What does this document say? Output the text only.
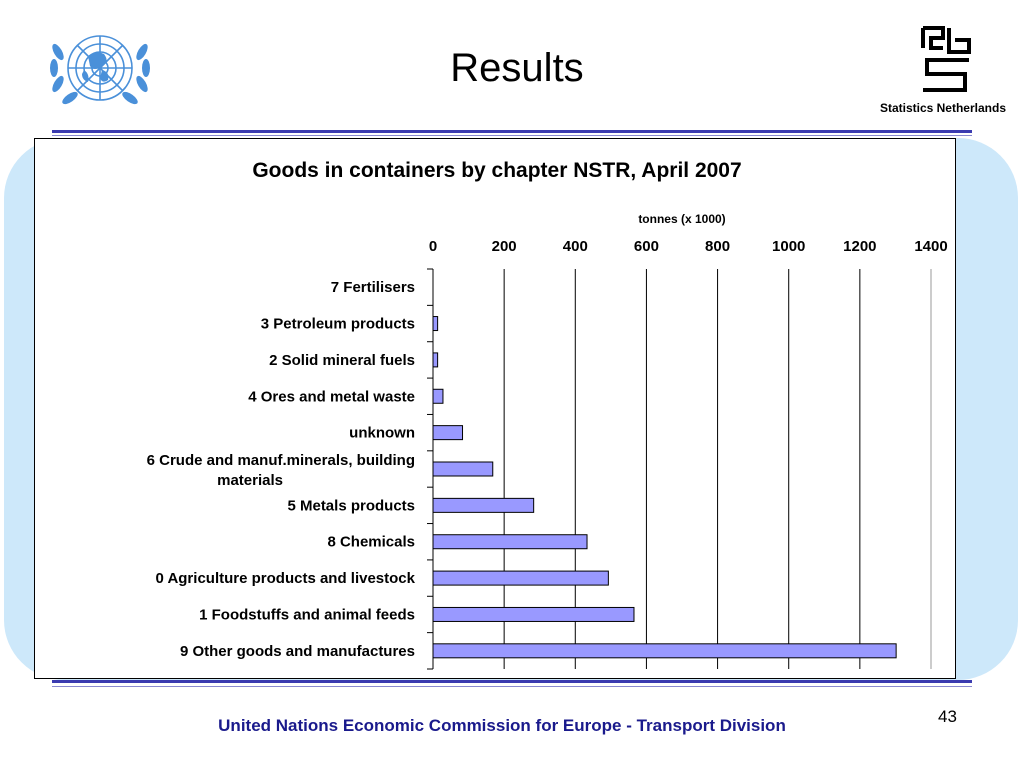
Results
Statistics Netherlands
Goods in containers by chapter NSTR, April 2007
tonnes (x 1000)
0	200	400	600	800	1000	1200	1400
7 Fertilisers
3 Petroleum products
2 Solid mineral fuels
4 Ores and metal waste
unknown
6 Crude and manuf.minerals, building materials
5 Metals products
8 Chemicals
0 Agriculture products and livestock
1 Foodstuffs and animal feeds
9 Other goods and manufactures
United Nations Economic Commission for Europe - Transport Division	43
